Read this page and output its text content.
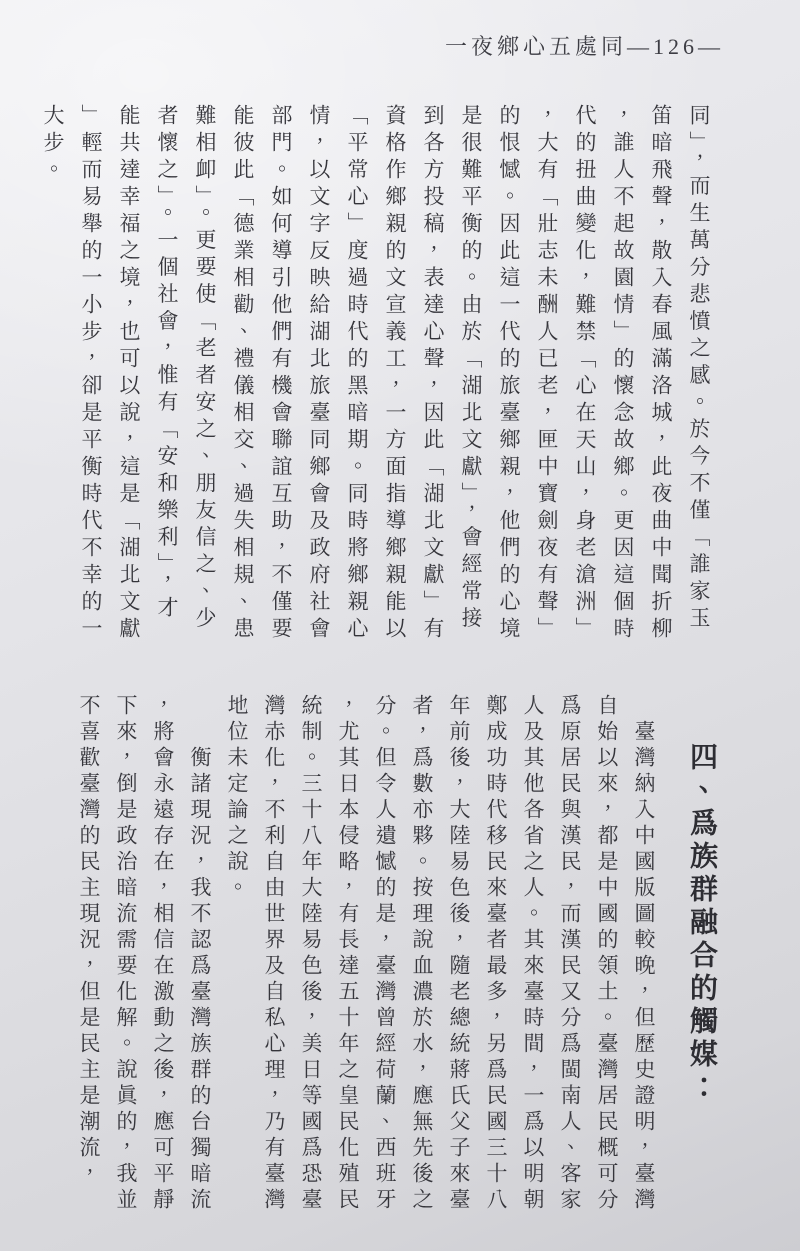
一夜鄉心五處同—126—

同」，而生萬分悲憤之感。於今不僅「誰家玉笛暗飛聲，散入春風滿洛城，此夜曲中聞折柳，誰人不起故園情」的懷念故鄉。更因這個時代的扭曲變化，難禁「心在天山，身老滄洲」，大有「壯志未酬人已老，匣中寶劍夜有聲」的恨憾。因此這一代的旅臺鄉親，他們的心境是很難平衡的。由於「湖北文獻」，會經常接到各方投稿，表達心聲，因此「湖北文獻」有資格作鄉親的文宣義工，一方面指導鄉親能以「平常心」度過時代的黑暗期。同時將鄉親心情，以文字反映給湖北旅臺同鄉會及政府社會部門。如何導引他們有機會聯誼互助，不僅要能彼此「德業相勸、禮儀相交、過失相規、患難相卹」。更要使「老者安之、朋友信之、少者懷之」。一個社會，惟有「安和樂利」，才能共達幸福之境，也可以說，這是「湖北文獻」輕而易舉的一小步，卻是平衡時代不幸的一大步。

四、爲族群融合的觸媒：

臺灣納入中國版圖較晚，但歷史證明，臺灣自始以來，都是中國的領土。臺灣居民概可分爲原居民與漢民，而漢民又分爲閩南人、客家人及其他各省之人。其來臺時間，一爲以明朝鄭成功時代移民來臺者最多，另爲民國三十八年前後，大陸易色後，隨老總統蔣氏父子來臺者，爲數亦夥。按理說血濃於水，應無先後之分。但令人遺憾的是，臺灣曾經荷蘭、西班牙，尤其日本侵略，有長達五十年之皇民化殖民統制。三十八年大陸易色後，美日等國爲恐臺灣赤化，不利自由世界及自私心理，乃有臺灣地位未定論之說。

衡諸現況，我不認爲臺灣族群的台獨暗流，將會永遠存在，相信在激動之後，應可平靜下來，倒是政治暗流需要化解。說眞的，我並不喜歡臺灣的民主現況，但是民主是潮流，
